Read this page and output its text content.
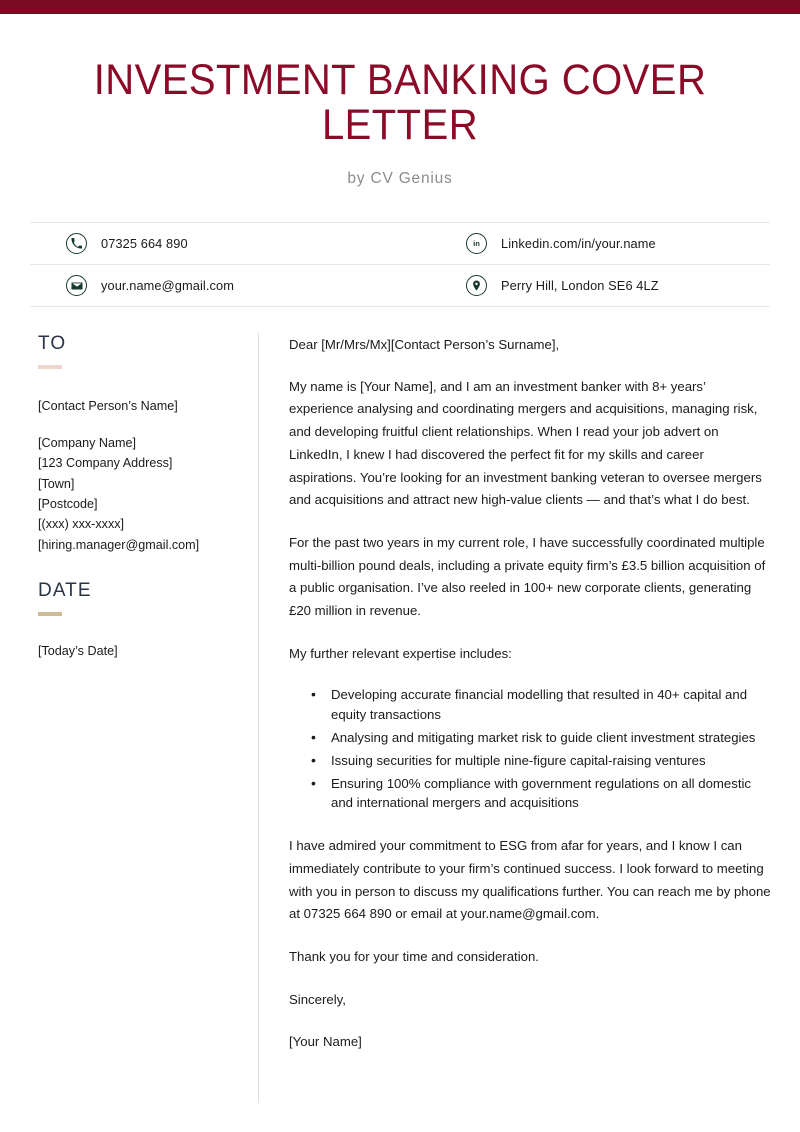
INVESTMENT BANKING COVER LETTER
by CV Genius
07325 664 890	in Linkedin.com/in/your.name
your.name@gmail.com	Perry Hill, London SE6 4LZ
TO
[Contact Person’s Name]
[Company Name]
[123 Company Address]
[Town]
[Postcode]
[(xxx) xxx-xxxx]
[hiring.manager@gmail.com]
DATE
[Today’s Date]

Dear [Mr/Mrs/Mx][Contact Person’s Surname],

My name is [Your Name], and I am an investment banker with 8+ years’ experience analysing and coordinating mergers and acquisitions, managing risk, and developing fruitful client relationships. When I read your job advert on LinkedIn, I knew I had discovered the perfect fit for my skills and career aspirations. You’re looking for an investment banking veteran to oversee mergers and acquisitions and attract new high-value clients — and that’s what I do best.

For the past two years in my current role, I have successfully coordinated multiple multi-billion pound deals, including a private equity firm’s £3.5 billion acquisition of a public organisation. I’ve also reeled in 100+ new corporate clients, generating £20 million in revenue.

My further relevant expertise includes:

• Developing accurate financial modelling that resulted in 40+ capital and equity transactions
• Analysing and mitigating market risk to guide client investment strategies
• Issuing securities for multiple nine-figure capital-raising ventures
• Ensuring 100% compliance with government regulations on all domestic and international mergers and acquisitions

I have admired your commitment to ESG from afar for years, and I know I can immediately contribute to your firm’s continued success. I look forward to meeting with you in person to discuss my qualifications further. You can reach me by phone at 07325 664 890 or email at your.name@gmail.com.

Thank you for your time and consideration.

Sincerely,

[Your Name]
